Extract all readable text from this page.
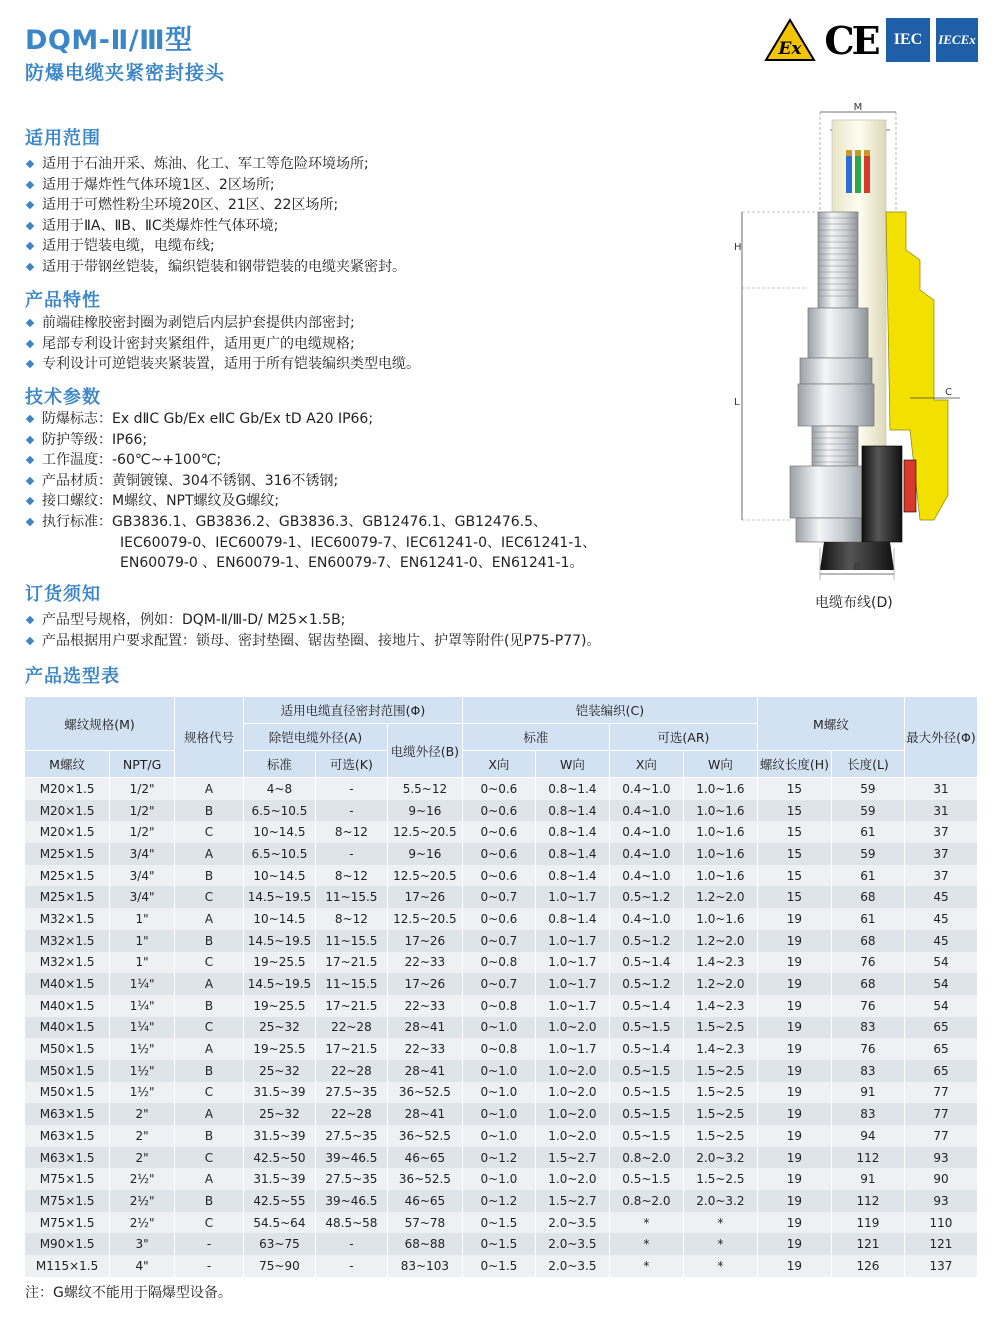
DQM-Ⅱ/Ⅲ型
防爆电缆夹紧密封接头
Ex CE	IEC	IECEx
适用范围
适用于石油开采、炼油、化工、军工等危险环境场所;
适用于爆炸性气体环境1区、2区场所;
适用于可燃性粉尘环境20区、21区、22区场所;
适用于ⅡA、ⅡB、ⅡC类爆炸性气体环境;
适用于铠装电缆，电缆布线;
适用于带钢丝铠装，编织铠装和钢带铠装的电缆夹紧密封。
产品特性
前端硅橡胶密封圈为剥铠后内层护套提供内部密封;
尾部专利设计密封夹紧组件，适用更广的电缆规格;
专利设计可逆铠装夹紧装置，适用于所有铠装编织类型电缆。
技术参数
防爆标志：Ex dⅡC Gb/Ex eⅡC Gb/Ex tD A20 IP66;
防护等级：IP66;
工作温度：-60℃~+100℃;
产品材质：黄铜镀镍、304不锈钢、316不锈钢;
接口螺纹：M螺纹、NPT螺纹及G螺纹;
执行标准：GB3836.1、GB3836.2、GB3836.3、GB12476.1、GB12476.5、
IEC60079-0、IEC60079-1、IEC60079-7、IEC61241-0、IEC61241-1、
EN60079-0 、EN60079-1、EN60079-7、EN61241-0、EN61241-1。
订货须知
产品型号规格，例如：DQM-Ⅱ/Ⅲ-D/ M25×1.5B;
产品根据用户要求配置：锁母、密封垫圈、锯齿垫圈、接地片、护罩等附件(见P75-P77)。
产品选型表
M
H
L
C
B
电缆布线(D)
螺纹规格(M)		规格代号	适用电缆直径密封范围(Φ)			铠装编织(C)				M螺纹		最大外径(Φ)
			除铠电缆外径(A)		电缆外径(B)	标准		可选(AR)				
M螺纹	NPT/G		标准	可选(K)		X向	W向	X向	W向	螺纹长度(H)	长度(L)	
M20×1.5	1/2"	A	4~8	-	5.5~12	0~0.6	0.8~1.4	0.4~1.0	1.0~1.6	15	59	31
M20×1.5	1/2"	B	6.5~10.5	-	9~16	0~0.6	0.8~1.4	0.4~1.0	1.0~1.6	15	59	31
M20×1.5	1/2"	C	10~14.5	8~12	12.5~20.5	0~0.6	0.8~1.4	0.4~1.0	1.0~1.6	15	61	37
M25×1.5	3/4"	A	6.5~10.5	-	9~16	0~0.6	0.8~1.4	0.4~1.0	1.0~1.6	15	59	37
M25×1.5	3/4"	B	10~14.5	8~12	12.5~20.5	0~0.6	0.8~1.4	0.4~1.0	1.0~1.6	15	61	37
M25×1.5	3/4"	C	14.5~19.5	11~15.5	17~26	0~0.7	1.0~1.7	0.5~1.2	1.2~2.0	15	68	45
M32×1.5	1"	A	10~14.5	8~12	12.5~20.5	0~0.6	0.8~1.4	0.4~1.0	1.0~1.6	19	61	45
M32×1.5	1"	B	14.5~19.5	11~15.5	17~26	0~0.7	1.0~1.7	0.5~1.2	1.2~2.0	19	68	45
M32×1.5	1"	C	19~25.5	17~21.5	22~33	0~0.8	1.0~1.7	0.5~1.4	1.4~2.3	19	76	54
M40×1.5	1¼"	A	14.5~19.5	11~15.5	17~26	0~0.7	1.0~1.7	0.5~1.2	1.2~2.0	19	68	54
M40×1.5	1¼"	B	19~25.5	17~21.5	22~33	0~0.8	1.0~1.7	0.5~1.4	1.4~2.3	19	76	54
M40×1.5	1¼"	C	25~32	22~28	28~41	0~1.0	1.0~2.0	0.5~1.5	1.5~2.5	19	83	65
M50×1.5	1½"	A	19~25.5	17~21.5	22~33	0~0.8	1.0~1.7	0.5~1.4	1.4~2.3	19	76	65
M50×1.5	1½"	B	25~32	22~28	28~41	0~1.0	1.0~2.0	0.5~1.5	1.5~2.5	19	83	65
M50×1.5	1½"	C	31.5~39	27.5~35	36~52.5	0~1.0	1.0~2.0	0.5~1.5	1.5~2.5	19	91	77
M63×1.5	2"	A	25~32	22~28	28~41	0~1.0	1.0~2.0	0.5~1.5	1.5~2.5	19	83	77
M63×1.5	2"	B	31.5~39	27.5~35	36~52.5	0~1.0	1.0~2.0	0.5~1.5	1.5~2.5	19	94	77
M63×1.5	2"	C	42.5~50	39~46.5	46~65	0~1.2	1.5~2.7	0.8~2.0	2.0~3.2	19	112	93
M75×1.5	2½"	A	31.5~39	27.5~35	36~52.5	0~1.0	1.0~2.0	0.5~1.5	1.5~2.5	19	91	90
M75×1.5	2½"	B	42.5~55	39~46.5	46~65	0~1.2	1.5~2.7	0.8~2.0	2.0~3.2	19	112	93
M75×1.5	2½"	C	54.5~64	48.5~58	57~78	0~1.5	2.0~3.5	*	*	19	119	110
M90×1.5	3"	-	63~75	-	68~88	0~1.5	2.0~3.5	*	*	19	121	121
M115×1.5	4"	-	75~90	-	83~103	0~1.5	2.0~3.5	*	*	19	126	137
注：G螺纹不能用于隔爆型设备。
